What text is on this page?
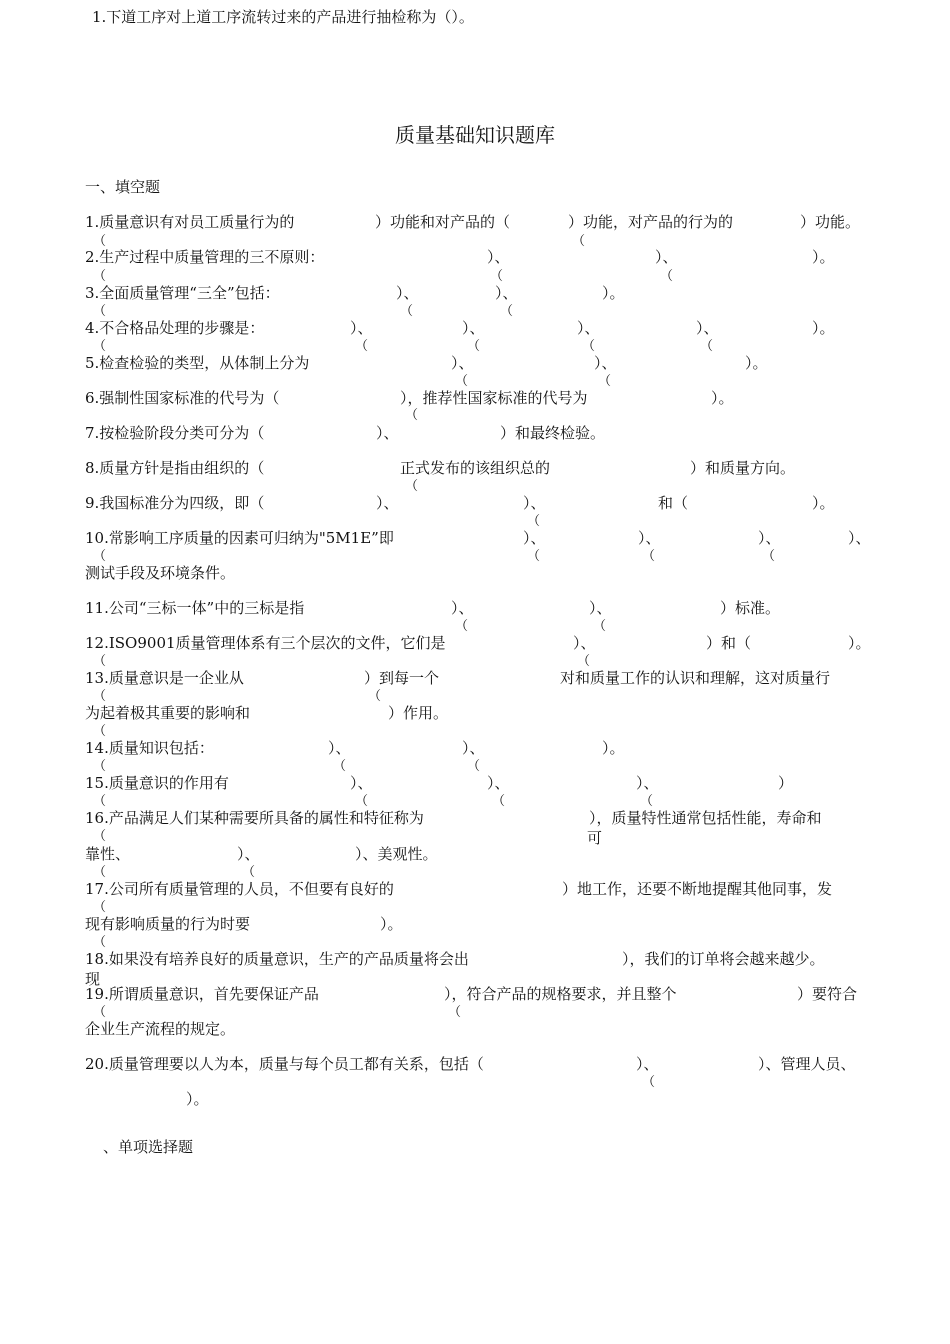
1.下道工序对上道工序流转过来的产品进行抽检称为（）。
质量基础知识题库
一、填空题
1.质量意识有对员工质量行为的	）功能和对产品的（	）功能，对产品的行为的	）功能。
（	（
2.生产过程中质量管理的三不原则：	）、	）、	）。
（	（	（
3.全面质量管理“三全”包括：	）、	）、	）。
（	（	（
4.不合格品处理的步骤是：	）、	）、	）、	）、	）。
（	（	（	（	（
5.检查检验的类型，从体制上分为	）、	）、	）。
（	（
6.强制性国家标准的代号为（	），推荐性国家标准的代号为	）。
（
7.按检验阶段分类可分为（	）、	）和最终检验。
8.质量方针是指由组织的（	正式发布的该组织总的	）和质量方向。
（
9.我国标准分为四级，即（	）、	）、	和（	）。
（
10.常影响工序质量的因素可归纳为"5M1E”即	）、	）、	）、	）、
（	（	（	（
测试手段及环境条件。
11.公司“三标一体”中的三标是指	）、	）、	）标准。
（	（
12.ISO9001质量管理体系有三个层次的文件，它们是	）、	）和（	）。
（	（
13.质量意识是一企业从	）到每一个	对和质量工作的认识和理解，这对质量行
（	（
为起着极其重要的影响和	）作用。
（
14.质量知识包括：	）、	）、	）。
（	（	（
15.质量意识的作用有	）、	）、	）、	）
（	（	（	（
16.产品满足人们某种需要所具备的属性和特征称为	），质量特性通常包括性能，寿命和
可
（
靠性、	）、	）、美观性。
（	（
17.公司所有质量管理的人员，不但要有良好的	）地工作，还要不断地提醒其他同事，发
（
现有影响质量的行为时要	）。
（
18.如果没有培养良好的质量意识，生产的产品质量将会出	），我们的订单将会越来越少。
现
19.所谓质量意识，首先要保证产品	），符合产品的规格要求，并且整个	）要符合
（	（
企业生产流程的规定。
20.质量管理要以人为本，质量与每个员工都有关系，包括（	）、	）、管理人员、
（
）。
、单项选择题
